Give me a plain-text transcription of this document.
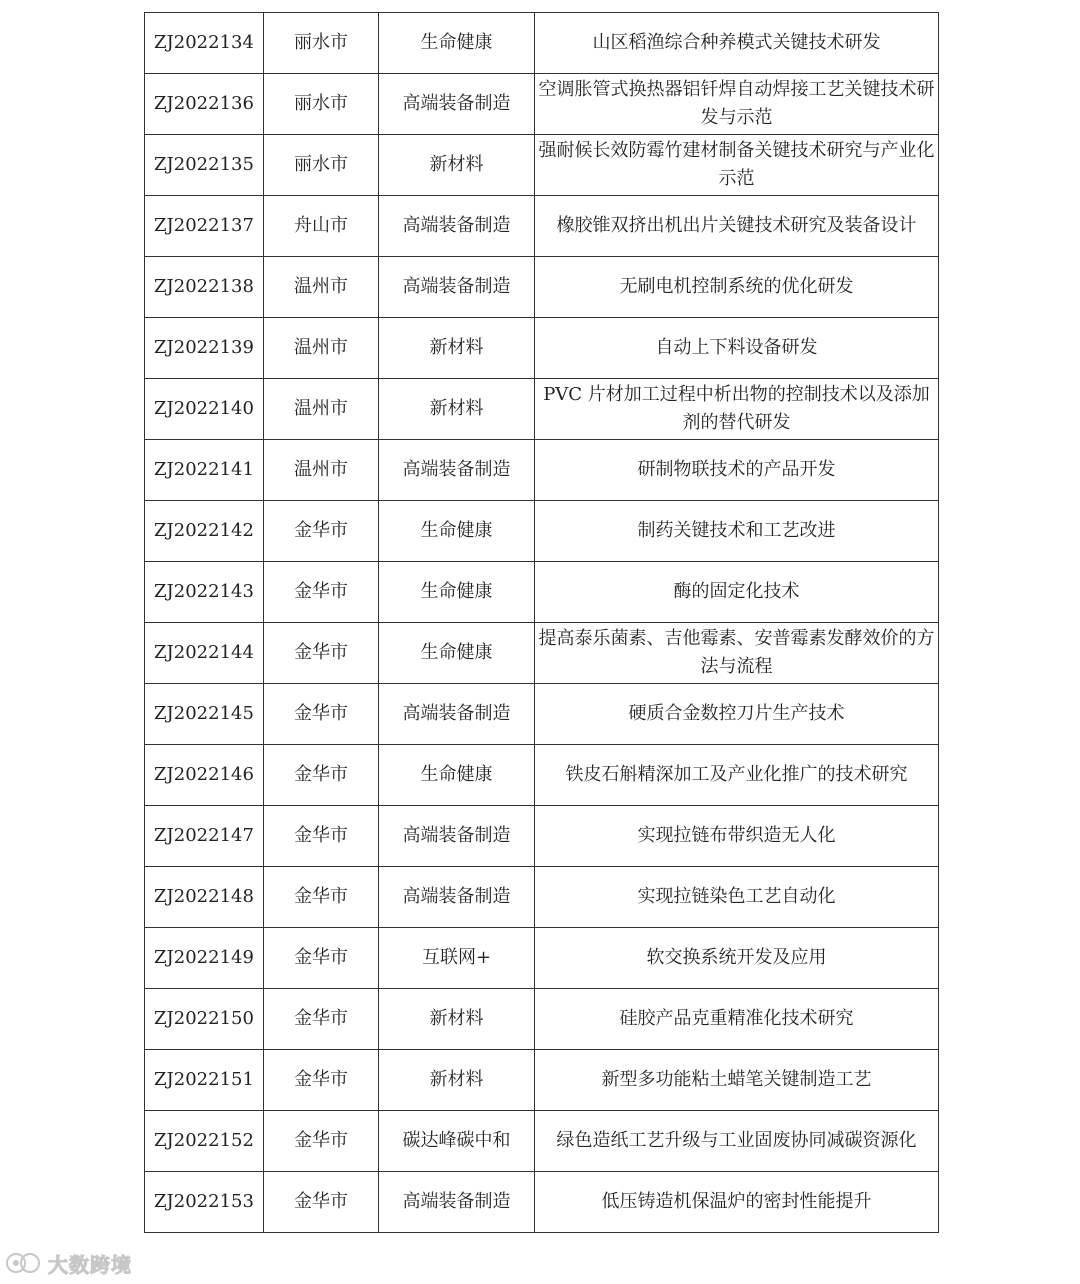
ZJ2022134	丽水市	生命健康	山区稻渔综合种养模式关键技术研发
ZJ2022136	丽水市	高端装备制造	空调胀管式换热器铝钎焊自动焊接工艺关键技术研发与示范
ZJ2022135	丽水市	新材料	强耐候长效防霉竹建材制备关键技术研究与产业化示范
ZJ2022137	舟山市	高端装备制造	橡胶锥双挤出机出片关键技术研究及装备设计
ZJ2022138	温州市	高端装备制造	无刷电机控制系统的优化研发
ZJ2022139	温州市	新材料	自动上下料设备研发
ZJ2022140	温州市	新材料	PVC 片材加工过程中析出物的控制技术以及添加剂的替代研发
ZJ2022141	温州市	高端装备制造	研制物联技术的产品开发
ZJ2022142	金华市	生命健康	制药关键技术和工艺改进
ZJ2022143	金华市	生命健康	酶的固定化技术
ZJ2022144	金华市	生命健康	提高泰乐菌素、吉他霉素、安普霉素发酵效价的方法与流程
ZJ2022145	金华市	高端装备制造	硬质合金数控刀片生产技术
ZJ2022146	金华市	生命健康	铁皮石斛精深加工及产业化推广的技术研究
ZJ2022147	金华市	高端装备制造	实现拉链布带织造无人化
ZJ2022148	金华市	高端装备制造	实现拉链染色工艺自动化
ZJ2022149	金华市	互联网+	软交换系统开发及应用
ZJ2022150	金华市	新材料	硅胶产品克重精准化技术研究
ZJ2022151	金华市	新材料	新型多功能粘土蜡笔关键制造工艺
ZJ2022152	金华市	碳达峰碳中和	绿色造纸工艺升级与工业固废协同减碳资源化
ZJ2022153	金华市	高端装备制造	低压铸造机保温炉的密封性能提升
大数跨境
